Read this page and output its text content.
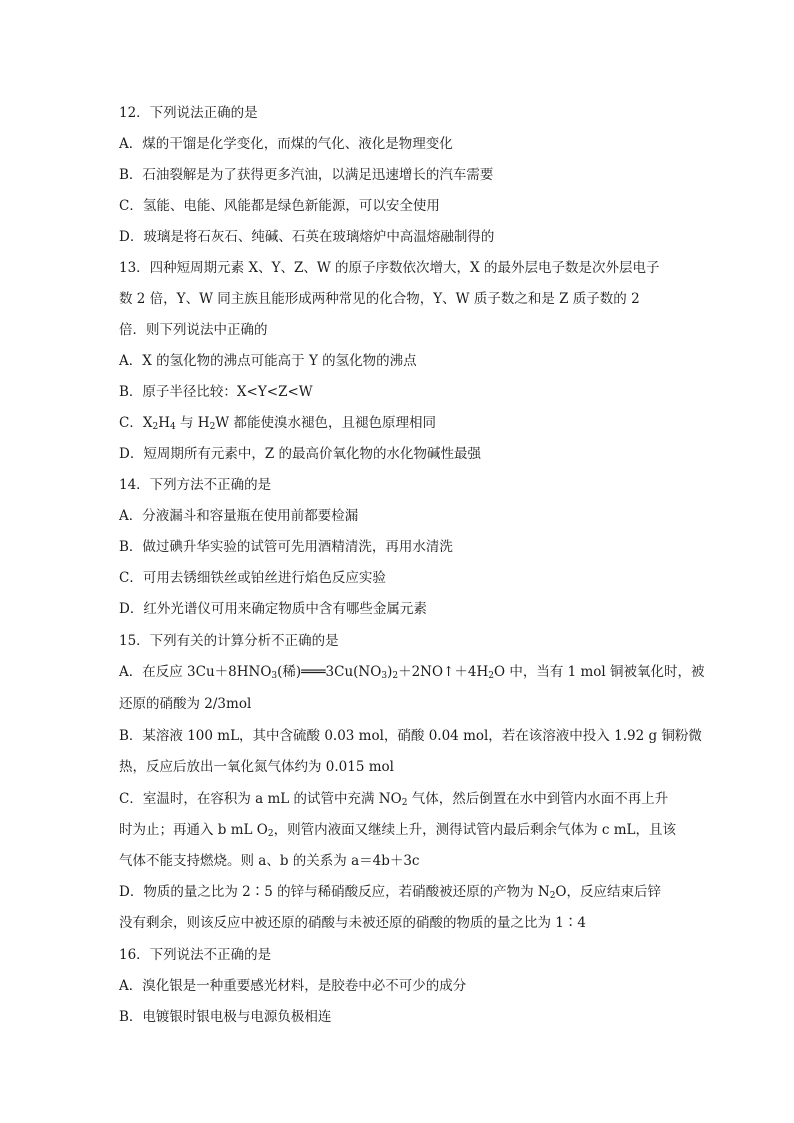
12．下列说法正确的是
A．煤的干馏是化学变化，而煤的气化、液化是物理变化
B．石油裂解是为了获得更多汽油，以满足迅速增长的汽车需要
C．氢能、电能、风能都是绿色新能源，可以安全使用
D．玻璃是将石灰石、纯碱、石英在玻璃熔炉中高温熔融制得的
13．四种短周期元素 X、Y、Z、W 的原子序数依次增大，X 的最外层电子数是次外层电子
数 2 倍，Y、W 同主族且能形成两种常见的化合物，Y、W 质子数之和是 Z 质子数的 2
倍．则下列说法中正确的
A．X 的氢化物的沸点可能高于 Y 的氢化物的沸点
B．原子半径比较：X<Y<Z<W
C．$X_2H_4$ 与 $H_2W$ 都能使溴水褪色，且褪色原理相同
D．短周期所有元素中，Z 的最高价氧化物的水化物碱性最强
14．下列方法不正确的是
A．分液漏斗和容量瓶在使用前都要检漏
B．做过碘升华实验的试管可先用酒精清洗，再用水清洗
C．可用去锈细铁丝或铂丝进行焰色反应实验
D．红外光谱仪可用来确定物质中含有哪些金属元素
15．下列有关的计算分析不正确的是
A．在反应 $3Cu+8HNO_3$(稀)$═══3Cu(NO_3)_2+2NO↑+4H_2O$ 中，当有 1 mol 铜被氧化时，被
还原的硝酸为 2/3mol
B．某溶液 100 mL，其中含硫酸 0.03 mol，硝酸 0.04 mol，若在该溶液中投入 1.92 g 铜粉微
热，反应后放出一氧化氮气体约为 0.015 mol
C．室温时，在容积为 a mL 的试管中充满 $NO_2$ 气体，然后倒置在水中到管内水面不再上升
时为止；再通入 b mL $O_2$，则管内液面又继续上升，测得试管内最后剩余气体为 c mL，且该
气体不能支持燃烧。则 a、b 的关系为 a＝4b＋3c
D．物质的量之比为 2∶5 的锌与稀硝酸反应，若硝酸被还原的产物为 $N_2O$，反应结束后锌
没有剩余，则该反应中被还原的硝酸与未被还原的硝酸的物质的量之比为 1∶4
16．下列说法不正确的是
A．溴化银是一种重要感光材料，是胶卷中必不可少的成分
B．电镀银时银电极与电源负极相连
